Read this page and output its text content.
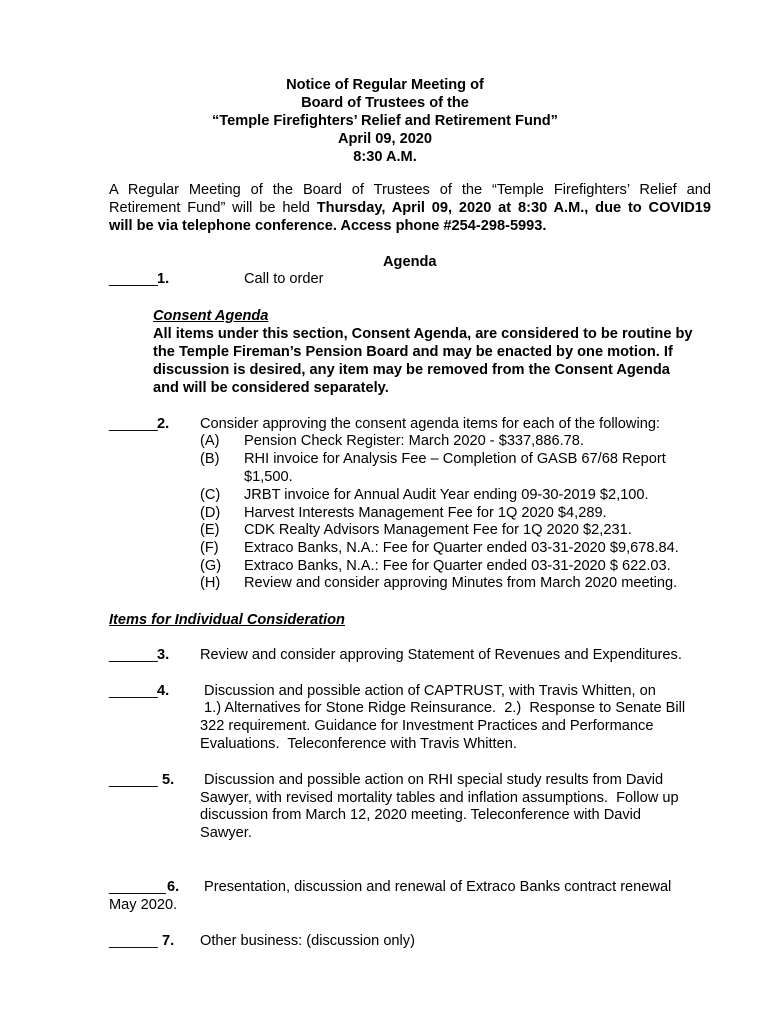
Notice of Regular Meeting of
Board of Trustees of the
“Temple Firefighters’ Relief and Retirement Fund”
April 09, 2020
8:30 A.M.
A Regular Meeting of the Board of Trustees of the “Temple Firefighters’ Relief and
Retirement Fund” will be held Thursday, April 09, 2020 at 8:30 A.M., due to COVID19
will be via telephone conference. Access phone #254-298-5993.
Agenda
______ 1.	Call to order
Consent Agenda
All items under this section, Consent Agenda, are considered to be routine by
the Temple Fireman’s Pension Board and may be enacted by one motion. If
discussion is desired, any item may be removed from the Consent Agenda
and will be considered separately.
______ 2. Consider approving the consent agenda items for each of the following:
(A) Pension Check Register: March 2020 - $337,886.78.
(B) RHI invoice for Analysis Fee – Completion of GASB 67/68 Report
$1,500.
(C) JRBT invoice for Annual Audit Year ending 09-30-2019 $2,100.
(D) Harvest Interests Management Fee for 1Q 2020 $4,289.
(E) CDK Realty Advisors Management Fee for 1Q 2020 $2,231.
(F) Extraco Banks, N.A.: Fee for Quarter ended 03-31-2020 $9,678.84.
(G) Extraco Banks, N.A.: Fee for Quarter ended 03-31-2020 $ 622.03.
(H) Review and consider approving Minutes from March 2020 meeting.
Items for Individual Consideration
______ 3. Review and consider approving Statement of Revenues and Expenditures.
______ 4. Discussion and possible action of CAPTRUST, with Travis Whitten, on
1.) Alternatives for Stone Ridge Reinsurance.  2.)  Response to Senate Bill
322 requirement. Guidance for Investment Practices and Performance
Evaluations.  Teleconference with Travis Whitten.
______ 5. Discussion and possible action on RHI special study results from David
Sawyer, with revised mortality tables and inflation assumptions.  Follow up
discussion from March 12, 2020 meeting. Teleconference with David
Sawyer.
_______ 6. Presentation, discussion and renewal of Extraco Banks contract renewal
May 2020.
______ 7. Other business: (discussion only)
